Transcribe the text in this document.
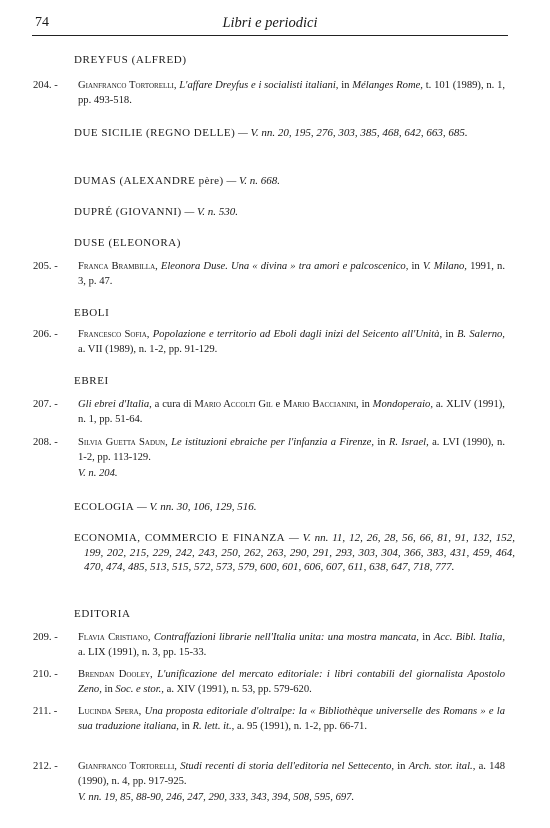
74	Libri e periodici
DREYFUS (ALFRED)
204. -	Gianfranco Tortorelli, L'affare Dreyfus e i socialisti italiani, in Mélanges Rome, t. 101 (1989), n. 1, pp. 493-518.
DUE SICILIE (REGNO DELLE) — V. nn. 20, 195, 276, 303, 385, 468, 642, 663, 685.
DUMAS (ALEXANDRE père) — V. n. 668.
DUPRÉ (GIOVANNI) — V. n. 530.
DUSE (ELEONORA)
205. -	Franca Brambilla, Eleonora Duse. Una « divina » tra amori e palcoscenico, in V. Milano, 1991, n. 3, p. 47.
EBOLI
206. -	Francesco Sofia, Popolazione e territorio ad Eboli dagli inizi del Seicento all'Unità, in B. Salerno, a. VII (1989), n. 1-2, pp. 91-129.
EBREI
207. -	Gli ebrei d'Italia, a cura di Mario Accolti Gil e Mario Baccianini, in Mondoperaio, a. XLIV (1991), n. 1, pp. 51-64.
208. -	Silvia Guetta Sadun, Le istituzioni ebraiche per l'infanzia a Firenze, in R. Israel, a. LVI (1990), n. 1-2, pp. 113-129.
V. n. 204.
ECOLOGIA — V. nn. 30, 106, 129, 516.
ECONOMIA, COMMERCIO E FINANZA — V. nn. 11, 12, 26, 28, 56, 66, 81, 91, 132, 152, 199, 202, 215, 229, 242, 243, 250, 262, 263, 290, 291, 293, 303, 304, 366, 383, 431, 459, 464, 470, 474, 485, 513, 515, 572, 573, 579, 600, 601, 606, 607, 611, 638, 647, 718, 777.
EDITORIA
209. -	Flavia Cristiano, Contraffazioni librarie nell'Italia unita: una mostra mancata, in Acc. Bibl. Italia, a. LIX (1991), n. 3, pp. 15-33.
210. -	Brendan Dooley, L'unificazione del mercato editoriale: i libri contabili del giornalista Apostolo Zeno, in Soc. e stor., a. XIV (1991), n. 53, pp. 579-620.
211. -	Lucinda Spera, Una proposta editoriale d'oltralpe: la « Bibliothèque universelle des Romans » e la sua traduzione italiana, in R. lett. it., a. 95 (1991), n. 1-2, pp. 66-71.
212. -	Gianfranco Tortorelli, Studi recenti di storia dell'editoria nel Settecento, in Arch. stor. ital., a. 148 (1990), n. 4, pp. 917-925.
V. nn. 19, 85, 88-90, 246, 247, 290, 333, 343, 394, 508, 595, 697.
